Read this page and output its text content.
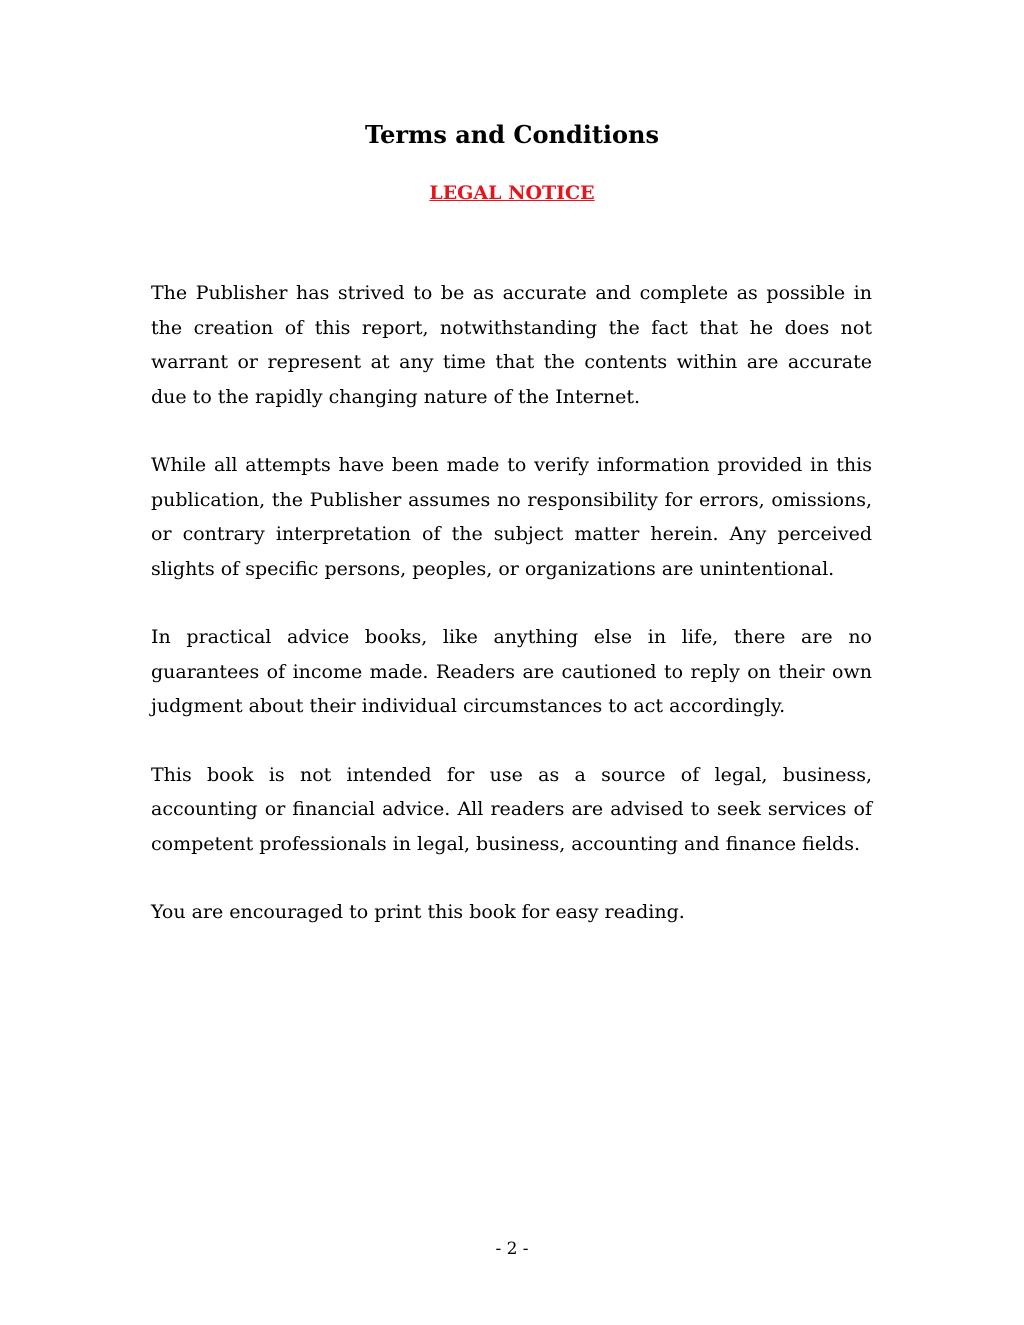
Terms and Conditions
LEGAL NOTICE

The Publisher has strived to be as accurate and complete as possible in the creation of this report, notwithstanding the fact that he does not warrant or represent at any time that the contents within are accurate due to the rapidly changing nature of the Internet.

While all attempts have been made to verify information provided in this publication, the Publisher assumes no responsibility for errors, omissions, or contrary interpretation of the subject matter herein. Any perceived slights of specific persons, peoples, or organizations are unintentional.

In practical advice books, like anything else in life, there are no guarantees of income made. Readers are cautioned to reply on their own judgment about their individual circumstances to act accordingly.

This book is not intended for use as a source of legal, business, accounting or financial advice. All readers are advised to seek services of competent professionals in legal, business, accounting and finance fields.

You are encouraged to print this book for easy reading.

- 2 -
